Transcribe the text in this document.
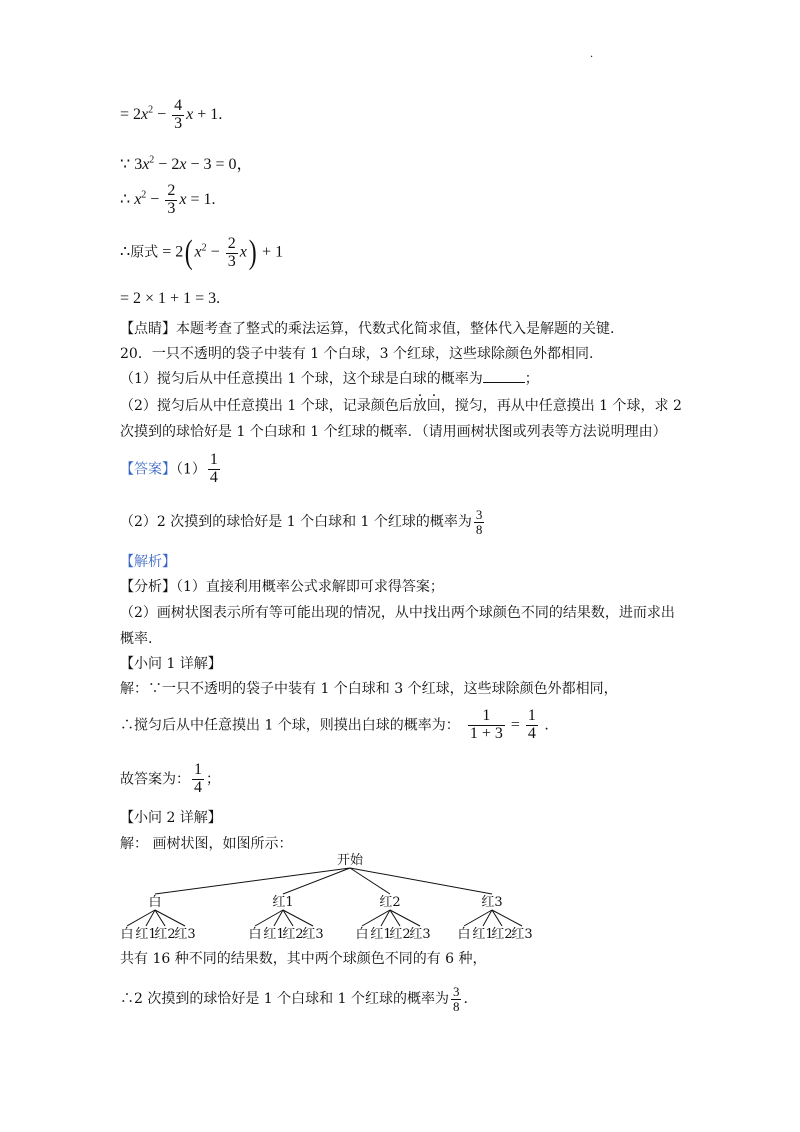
·
= $2x^2 - \frac{4}{3}$ x + 1.
∵ $3x^2 - 2x - 3 = 0$，
∴ $x^2 - \frac{2}{3}$ x = 1.
∴原式 = 2( $x^2 - \frac{2}{3} x) + 1$
= 2 × 1 + 1 = 3.
【点睛】本题考查了整式的乘法运算，代数式化简求值，整体代入是解题的关键.
20．一只不透明的袋子中装有 1 个白球，3 个红球，这些球除颜色外都相同.
（1）搅匀后从中任意摸出 1 个球，这个球是白球的概率为	；
（2）搅匀后从中任意摸出 1 个球，记录颜色后放回，搅匀，再从中任意摸出 1 个球，求 2
次摸到的球恰好是 1 个白球和 1 个红球的概率．（请用画树状图或列表等方法说明理由）
【答案】$(1) \frac{1}{4}$
（2）2 次摸到的球恰好是 1 个白球和 1 个红球的概率为 $\frac{3}{8}$
【解析】
【分析】（1）直接利用概率公式求解即可求得答案；
（2）画树状图表示所有等可能出现的情况，从中找出两个球颜色不同的结果数，进而求出
概率.
【小问 1 详解】
解：∵一只不透明的袋子中装有 1 个白球和 3 个红球，这些球除颜色外都相同，
∴搅匀后从中任意摸出 1 个球，则摸出白球的概率为： $\frac{1}{1 + 3} = \frac{1}{4}$ .
故答案为： $\frac{1}{4}$ ；
【小问 2 详解】
解： 画树状图，如图所示：
开始
白
白 红1
红2
红3
红1
白 红1
红2
红3
红2
白 红1
红2
红3
红3
白 红1
红2
红3
共有 16 种不同的结果数，其中两个球颜色不同的有 6 种，
∴2 次摸到的球恰好是 1 个白球和 1 个红球的概率为 $\frac{3}{8}$ .
